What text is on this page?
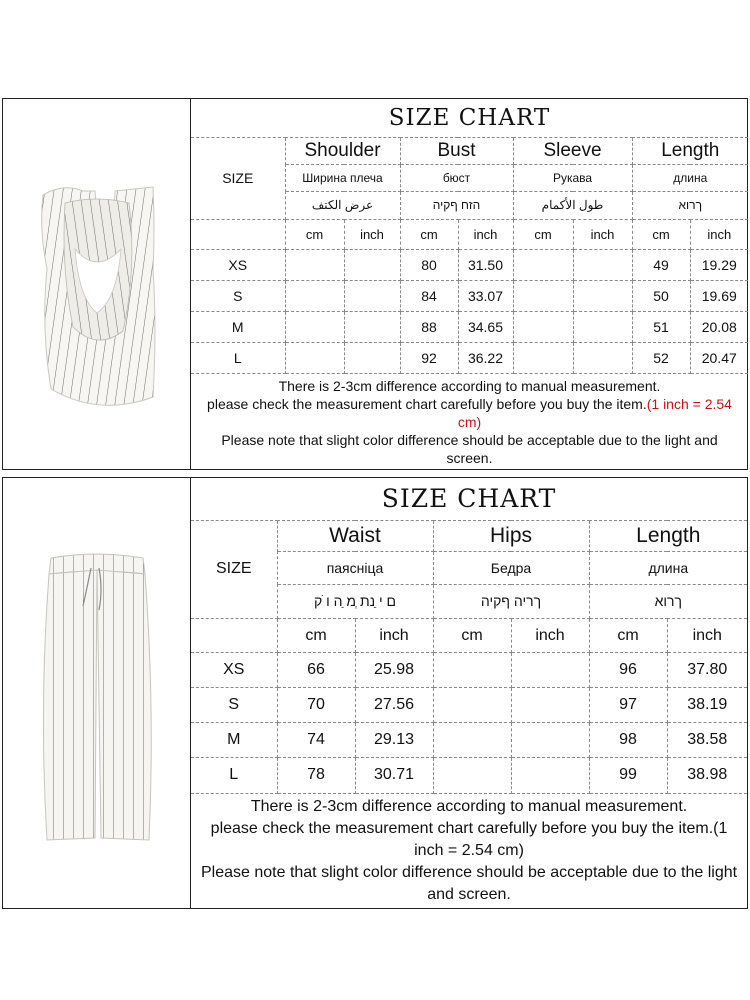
SIZE CHART								
SIZE	Shoulder		Bust		Sleeve		Length	
	Ширина плеча		бюст		Рукава		длина	
	عرض الكتف		הזח ףקיה		طول الأكمام		ךרוא	
	cm	inch	cm	inch	cm	inch	cm	inch
XS			80	31.50			49	19.29
S			84	33.07			50	19.69
M			88	34.65			51	20.08
L			92	36.22			52	20.47

There is 2-3cm difference according to manual measurement.
please check the measurement chart carefully before you buy the item.(1 inch = 2.54 cm)
Please note that slight color difference should be acceptable due to the light and screen.								
SIZE CHART						
SIZE	Waist		Hips		Length	
	паясніца		Бедра		длина	
	ם י ַנת ְמ ַה ו ֹק		ךריה ףקיה		ךרוא	
	cm	inch	cm	inch	cm	inch
XS	66	25.98			96	37.80
S	70	27.56			97	38.19
M	74	29.13			98	38.58
L	78	30.71			99	38.98

There is 2-3cm difference according to manual measurement.
please check the measurement chart carefully before you buy the item.(1 inch = 2.54 cm)
Please note that slight color difference should be acceptable due to the light and screen.						
